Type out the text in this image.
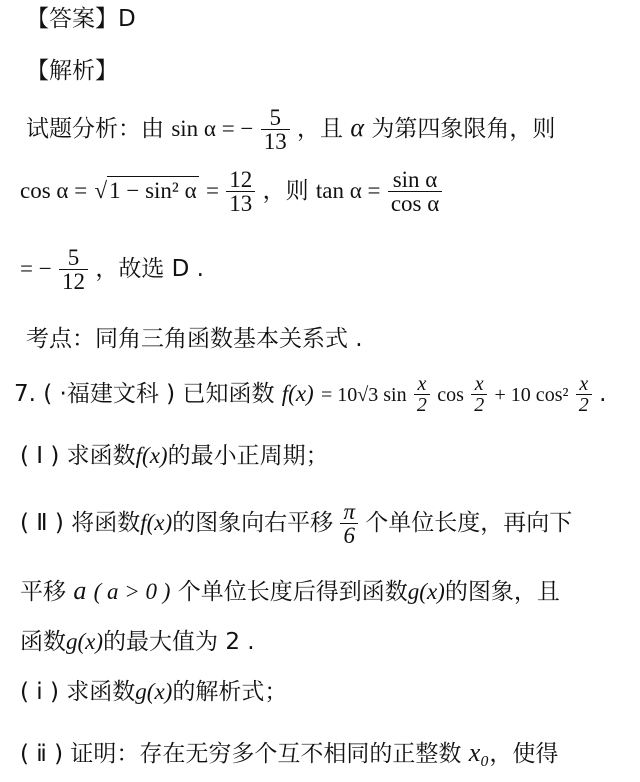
【答案】D
【解析】
试题分析：由 sin α = − $\frac{5}{13}$ ，且 α 为第四象限角，则
cos α = √1 − sin² $\alpha = \frac{12}{13}$ ，则 $\tan \alpha = \frac{\text{sin α}}{\text{cos α}}$
= − $\frac{5}{12}$ ，故选 D .
考点：同角三角函数基本关系式 .
7. ( ·福建文科 ) 已知函数 f(x) = 10√3 $\sin \frac{x}{2}$ $\cos \frac{x}{2} + 10$ $\cos^2 \frac{x}{2}$ .
( Ⅰ ) 求函数f(x)的最小正周期；
( Ⅱ ) 将函数f(x)的图象向右平移 $\frac{\pi}{6}$ 个单位长度，再向下
平移 a ( a > 0 ) 个单位长度后得到函数g(x)的图象，且
函数g(x)的最大值为 2 .
( ⅰ ) 求函数g(x)的解析式；
( ⅱ ) 证明：存在无穷多个互不相同的正整数 x₀，使得
